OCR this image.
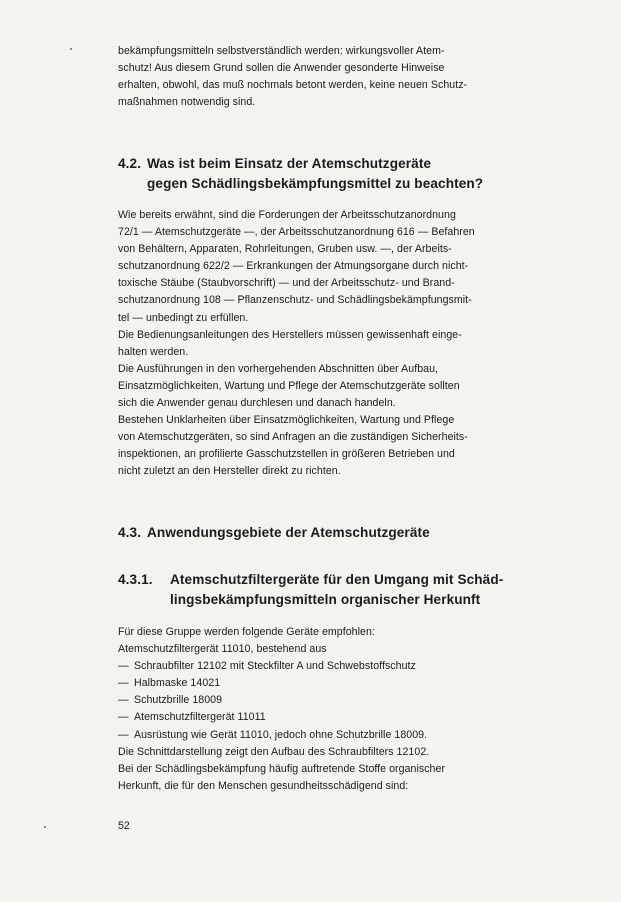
bekämpfungsmitteln selbstverständlich werden: wirkungsvoller Atem-

schutz! Aus diesem Grund sollen die Anwender gesonderte Hinweise

erhalten, obwohl, das muß nochmals betont werden, keine neuen Schutz-

maßnahmen notwendig sind.

4.2. Was ist beim Einsatz der Atemschutzgeräte
gegen Schädlingsbekämpfungsmittel zu beachten?

Wie bereits erwähnt, sind die Forderungen der Arbeitsschutzanordnung

72/1 — Atemschutzgeräte —, der Arbeitsschutzanordnung 616 — Befahren

von Behältern, Apparaten, Rohrleitungen, Gruben usw. —, der Arbeits-

schutzanordnung 622/2 — Erkrankungen der Atmungsorgane durch nicht-

toxische Stäube (Staubvorschrift) — und der Arbeitsschutz- und Brand-

schutzanordnung 108 — Pflanzenschutz- und Schädlingsbekämpfungsmit-

tel — unbedingt zu erfüllen.

Die Bedienungsanleitungen des Herstellers müssen gewissenhaft einge-

halten werden.

Die Ausführungen in den vorhergehenden Abschnitten über Aufbau,

Einsatzmöglichkeiten, Wartung und Pflege der Atemschutzgeräte sollten

sich die Anwender genau durchlesen und danach handeln.

Bestehen Unklarheiten über Einsatzmöglichkeiten, Wartung und Pflege

von Atemschutzgeräten, so sind Anfragen an die zuständigen Sicherheits-

inspektionen, an profilierte Gasschutzstellen in größeren Betrieben und

nicht zuletzt an den Hersteller direkt zu richten.

4.3. Anwendungsgebiete der Atemschutzgeräte
4.3.1. Atemschutzfiltergeräte für den Umgang mit Schäd-
lingsbekämpfungsmitteln organischer Herkunft

Für diese Gruppe werden folgende Geräte empfohlen:

Atemschutzfiltergerät 11010, bestehend aus

— Schraubfilter 12102 mit Steckfilter A und Schwebstoffschutz

— Halbmaske 14021

— Schutzbrille 18009

— Atemschutzfiltergerät 11011

— Ausrüstung wie Gerät 11010, jedoch ohne Schutzbrille 18009.

Die Schnittdarstellung zeigt den Aufbau des Schraubfilters 12102.

Bei der Schädlingsbekämpfung häufig auftretende Stoffe organischer

Herkunft, die für den Menschen gesundheitsschädigend sind:

52
